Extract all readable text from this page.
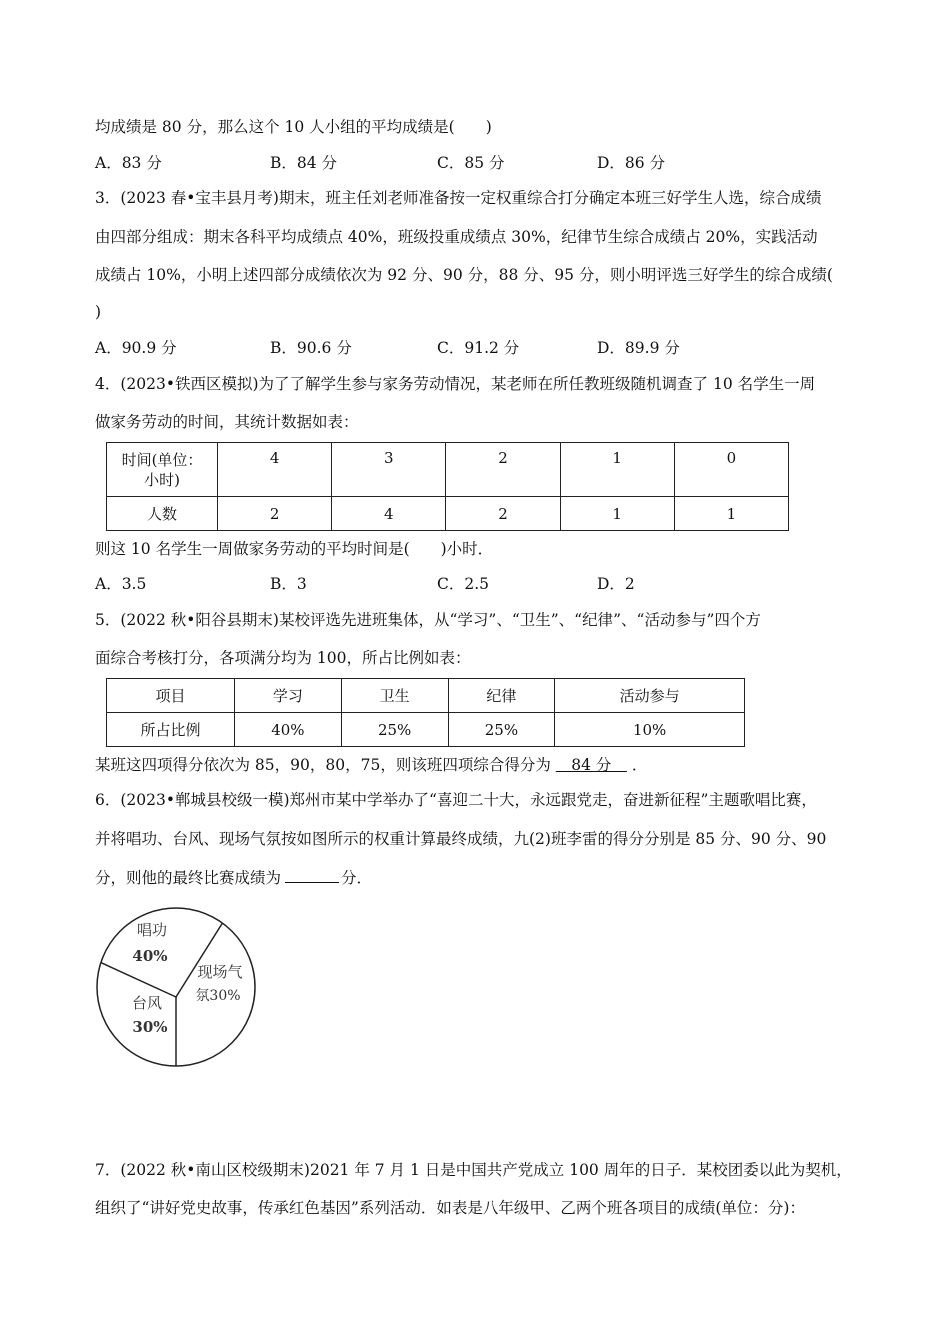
均成绩是 80 分，那么这个 10 人小组的平均成绩是(　　)
A．83 分	B．84 分	C．85 分	D．86 分
3．(2023 春•宝丰县月考)期末，班主任刘老师准备按一定权重综合打分确定本班三好学生人选，综合成绩
由四部分组成：期末各科平均成绩点 40%，班级投重成绩点 30%，纪律节生综合成绩占 20%，实践活动
成绩占 10%，小明上述四部分成绩依次为 92 分、90 分，88 分、95 分，则小明评选三好学生的综合成绩(
)
A．90.9 分	B．90.6 分	C．91.2 分	D．89.9 分
4．(2023•铁西区模拟)为了了解学生参与家务劳动情况，某老师在所任教班级随机调查了 10 名学生一周
做家务劳动的时间，其统计数据如表：
时间(单位：
小时)	4	3	2	1	0
人数	2	4	2	1	1
则这 10 名学生一周做家务劳动的平均时间是(　　)小时．
A．3.5	B．3	C．2.5	D．2
5．(2022 秋•阳谷县期末)某校评选先进班集体，从“学习”、“卫生”、“纪律”、“活动参与”四个方
面综合考核打分，各项满分均为 100，所占比例如表：
项目	学习	卫生	纪律	活动参与
所占比例	40%	25%	25%	10%
某班这四项得分依次为 85，90，80，75，则该班四项综合得分为 　84 分　 ．
6．(2023•郸城县校级一模)郑州市某中学举办了“喜迎二十大，永远跟党走，奋进新征程”主题歌唱比赛，
并将唱功、台风、现场气氛按如图所示的权重计算最终成绩，九(2)班李雷的得分分别是 85 分、90 分、90
分，则他的最终比赛成绩为	分．
唱功
40%
现场气
氛30%
台风
30%
7．(2022 秋•南山区校级期末)2021 年 7 月 1 日是中国共产党成立 100 周年的日子．某校团委以此为契机，
组织了“讲好党史故事，传承红色基因”系列活动．如表是八年级甲、乙两个班各项目的成绩(单位：分)：
